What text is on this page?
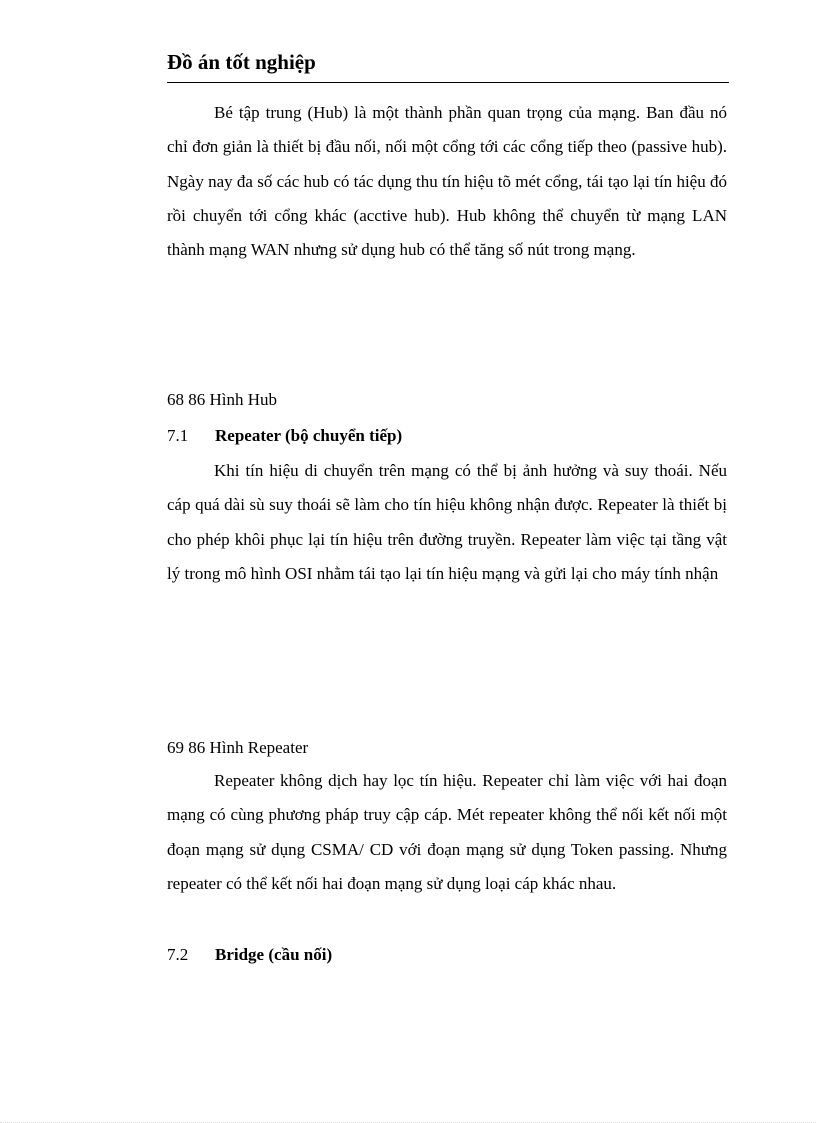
Đồ án tốt nghiệp

Bé tập trung (Hub) là một thành phần quan trọng của mạng. Ban đầu nó chỉ đơn giản là thiết bị đầu nối, nối một cổng tới các cổng tiếp theo (passive hub). Ngày nay đa số các hub có tác dụng thu tín hiệu tõ mét cổng, tái tạo lại tín hiệu đó rồi chuyển tới cổng khác (acctive hub). Hub không thể chuyển từ mạng LAN thành mạng WAN nhưng sử dụng hub có thể tăng số nút trong mạng.

68 86 Hình Hub
7.1 Repeater (bộ chuyển tiếp)

Khi tín hiệu di chuyển trên mạng có thể bị ảnh hưởng và suy thoái. Nếu cáp quá dài sù suy thoái sẽ làm cho tín hiệu không nhận được. Repeater là thiết bị cho phép khôi phục lại tín hiệu trên đường truyền. Repeater làm việc tại tầng vật lý trong mô hình OSI nhằm tái tạo lại tín hiệu mạng và gửi lại cho máy tính nhận

69 86 Hình Repeater

Repeater không dịch hay lọc tín hiệu. Repeater chỉ làm việc với hai đoạn mạng có cùng phương pháp truy cập cáp. Mét repeater không thể nối kết nối một đoạn mạng sử dụng CSMA/ CD với đoạn mạng sử dụng Token passing. Nhưng repeater có thể kết nối hai đoạn mạng sử dụng loại cáp khác nhau.

7.2 Bridge (cầu nối)
